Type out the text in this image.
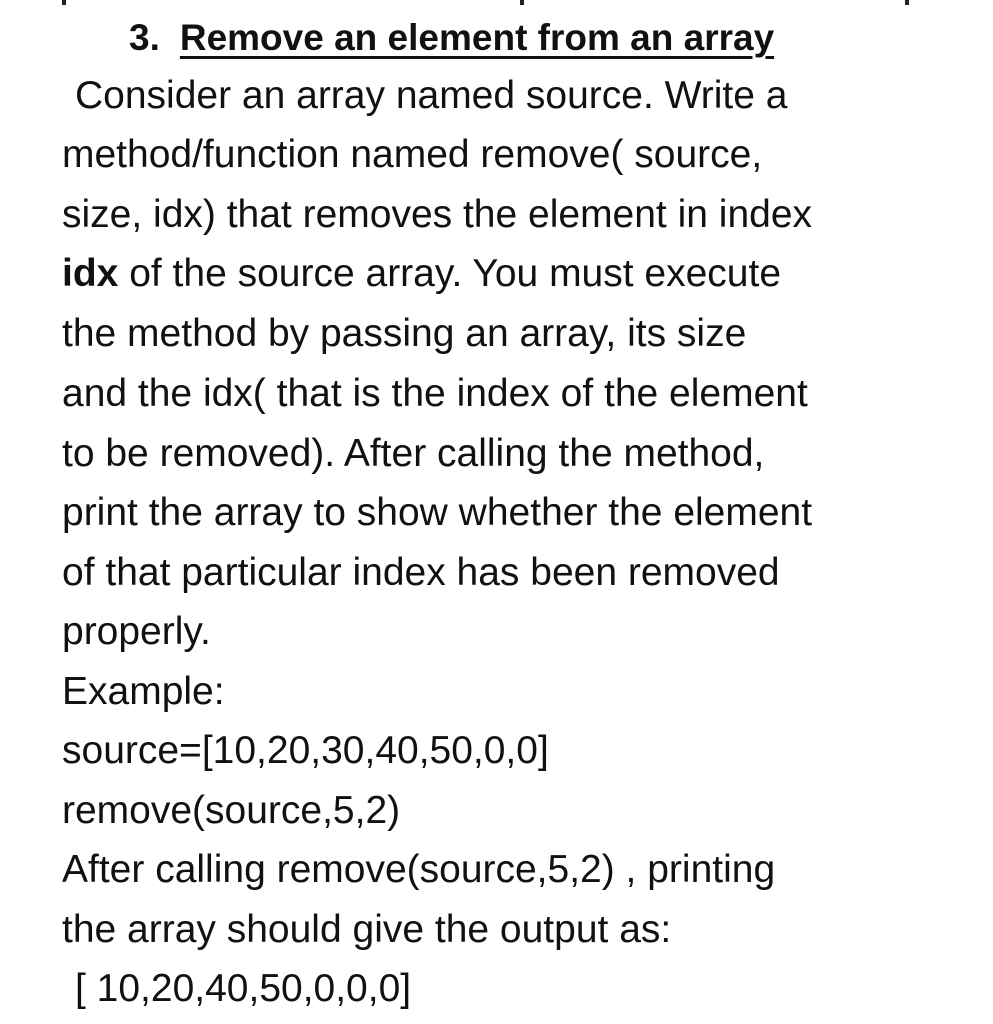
3. Remove an element from an array
Consider an array named source. Write a
method/function named remove( source,
size, idx) that removes the element in index
idx of the source array. You must execute
the method by passing an array, its size
and the idx( that is the index of the element
to be removed). After calling the method,
print the array to show whether the element
of that particular index has been removed
properly.
Example:
source=[10,20,30,40,50,0,0]
remove(source,5,2)
After calling remove(source,5,2) , printing
the array should give the output as:
[ 10,20,40,50,0,0,0]
